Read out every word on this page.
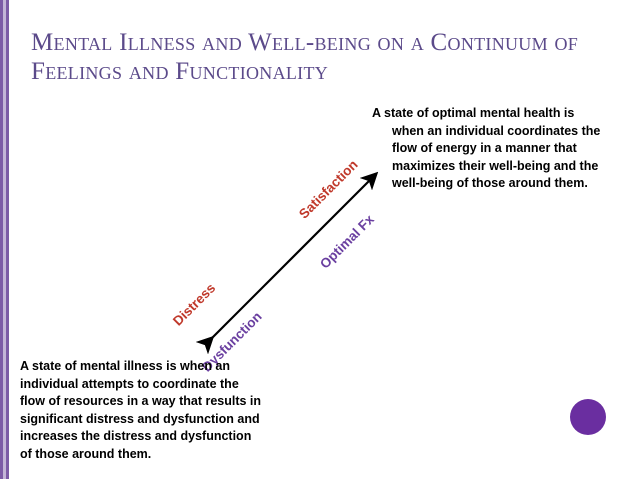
Mental Illness and Well-being on a Continuum of Feelings and Functionality
Satisfaction
Optimal Fx
Distress
Dysfunction
A state of optimal mental health is
when an individual coordinates the flow of energy in a manner that maximizes their well-being and the well-being of those around them.
A state of mental illness is when an individual attempts to coordinate the flow of resources in a way that results in significant distress and dysfunction and increases the distress and dysfunction of those around them.
